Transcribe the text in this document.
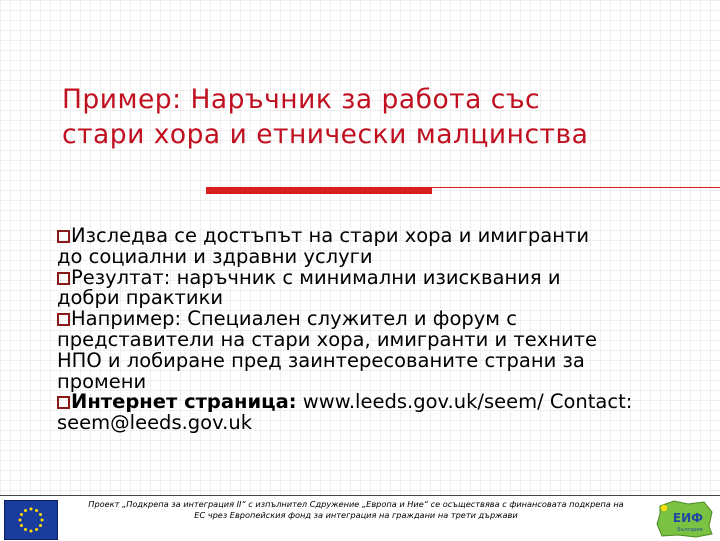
Пример: Наръчник за работа със
стари хора и етнически малцинства

Изследва се достъпът на стари хора и имигранти
до социални и здравни услуги

Резултат: наръчник с минимални изисквания и
добри практики

Например: Специален служител и форум с
представители на стари хора, имигранти и техните
НПО и лобиране пред заинтересованите страни за
промени

Интернет страница: www.leeds.gov.uk/seem/ Contact:
seem@leeds.gov.uk

Проект „Подкрепа за интеграция II“ с изпълнител Сдружение „Европа и Ние“ се осъществява с финансовата подкрепа на
ЕС чрез Европейския фонд за интеграция на граждани на трети държави	ЕИФ
България
